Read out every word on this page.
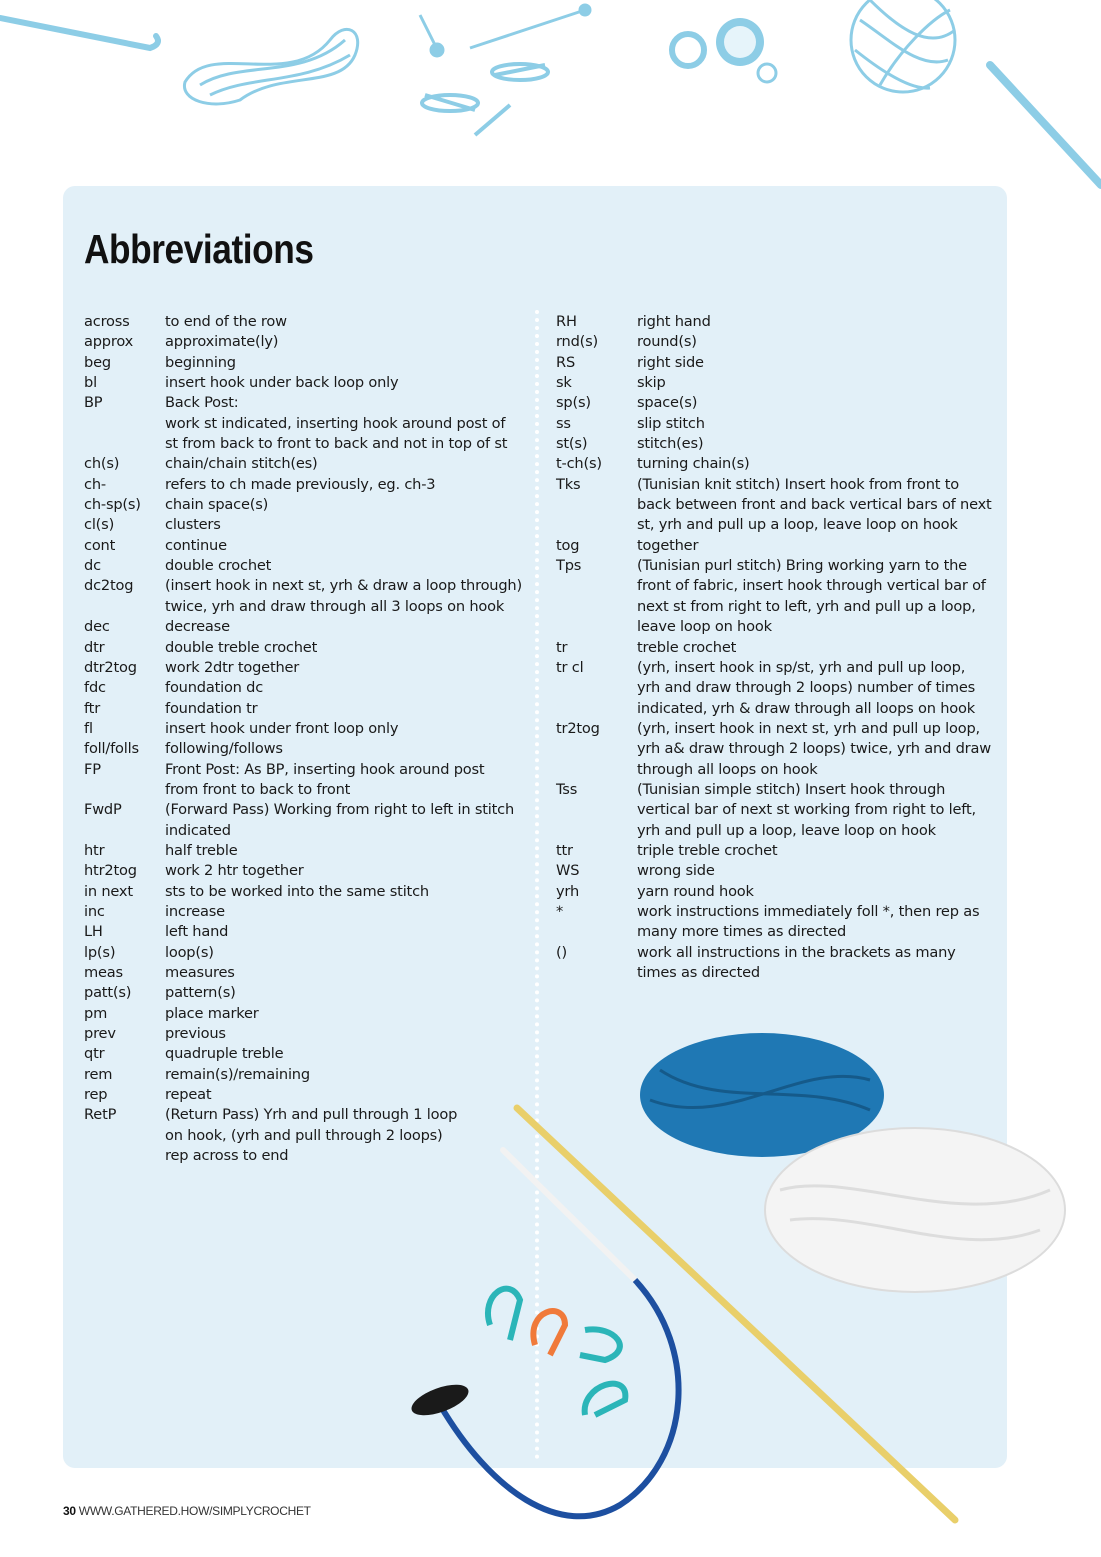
Abbreviations
across	to end of the row
approx	approximate(ly)
beg	beginning
bl	insert hook under back loop only
BP	Back Post:
work st indicated, inserting hook around post of
st from back to front to back and not in top of st
ch(s)	chain/chain stitch(es)
ch-	refers to ch made previously, eg. ch-3
ch-sp(s)	chain space(s)
cl(s)	clusters
cont	continue
dc	double crochet
dc2tog	(insert hook in next st, yrh & draw a loop through)
twice, yrh and draw through all 3 loops on hook
dec	decrease
dtr	double treble crochet
dtr2tog	work 2dtr together
fdc	foundation dc
ftr	foundation tr
fl	insert hook under front loop only
foll/folls	following/follows
FP	Front Post: As BP, inserting hook around post
from front to back to front
FwdP	(Forward Pass) Working from right to left in stitch
indicated
htr	half treble
htr2tog	work 2 htr together
in next	sts to be worked into the same stitch
inc	increase
LH	left hand
lp(s)	loop(s)
meas	measures
patt(s)	pattern(s)
pm	place marker
prev	previous
qtr	quadruple treble
rem	remain(s)/remaining
rep	repeat
RetP	(Return Pass) Yrh and pull through 1 loop
on hook, (yrh and pull through 2 loops)
rep across to end
RH	right hand
rnd(s)	round(s)
RS	right side
sk	skip
sp(s)	space(s)
ss	slip stitch
st(s)	stitch(es)
t-ch(s)	turning chain(s)
Tks	(Tunisian knit stitch) Insert hook from front to
back between front and back vertical bars of next
st, yrh and pull up a loop, leave loop on hook
tog	together
Tps	(Tunisian purl stitch) Bring working yarn to the
front of fabric, insert hook through vertical bar of
next st from right to left, yrh and pull up a loop,
leave loop on hook
tr	treble crochet
tr cl	(yrh, insert hook in sp/st, yrh and pull up loop,
yrh and draw through 2 loops) number of times
indicated, yrh & draw through all loops on hook
tr2tog	(yrh, insert hook in next st, yrh and pull up loop,
yrh a& draw through 2 loops) twice, yrh and draw
through all loops on hook
Tss	(Tunisian simple stitch) Insert hook through
vertical bar of next st working from right to left,
yrh and pull up a loop, leave loop on hook
ttr	triple treble crochet
WS	wrong side
yrh	yarn round hook
*	work instructions immediately foll *, then rep as
many more times as directed
()	work all instructions in the brackets as many
times as directed
30 WWW.GATHERED.HOW/SIMPLYCROCHET
